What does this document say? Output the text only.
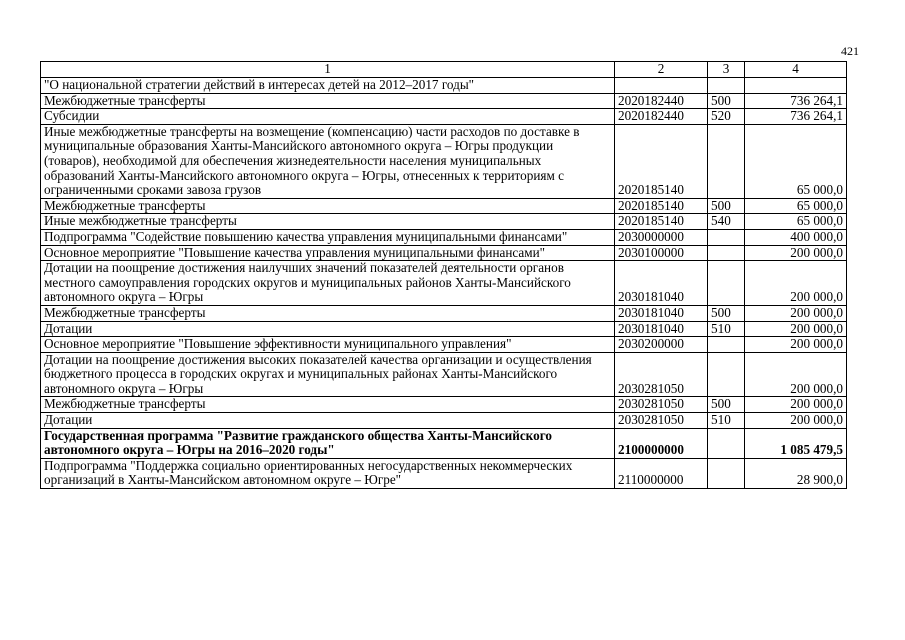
421
1	2	3	4
"О национальной стратегии действий в интересах детей на 2012–2017 годы"			
Межбюджетные трансферты	2020182440	500	736 264,1
Субсидии	2020182440	520	736 264,1
Иные межбюджетные трансферты на возмещение (компенсацию) части расходов по доставке в муниципальные образования Ханты-Мансийского автономного округа – Югры продукции (товаров), необходимой для обеспечения жизнедеятельности населения муниципальных образований Ханты-Мансийского автономного округа – Югры, отнесенных к территориям с ограниченными сроками завоза грузов	2020185140		65 000,0
Межбюджетные трансферты	2020185140	500	65 000,0
Иные межбюджетные трансферты	2020185140	540	65 000,0
Подпрограмма "Содействие повышению качества управления муниципальными финансами"	2030000000		400 000,0
Основное мероприятие "Повышение качества управления муниципальными финансами"	2030100000		200 000,0
Дотации на поощрение достижения наилучших значений показателей деятельности органов местного самоуправления городских округов и муниципальных районов Ханты-Мансийского автономного округа – Югры	2030181040		200 000,0
Межбюджетные трансферты	2030181040	500	200 000,0
Дотации	2030181040	510	200 000,0
Основное мероприятие "Повышение эффективности муниципального управления"	2030200000		200 000,0
Дотации на поощрение достижения высоких показателей качества организации и осуществления бюджетного процесса в городских округах и муниципальных районах Ханты-Мансийского автономного округа – Югры	2030281050		200 000,0
Межбюджетные трансферты	2030281050	500	200 000,0
Дотации	2030281050	510	200 000,0
Государственная программа "Развитие гражданского общества Ханты-Мансийского автономного округа – Югры на 2016–2020 годы"	2100000000		1 085 479,5
Подпрограмма "Поддержка социально ориентированных негосударственных некоммерческих организаций в Ханты-Мансийском автономном округе – Югре"	2110000000		28 900,0
